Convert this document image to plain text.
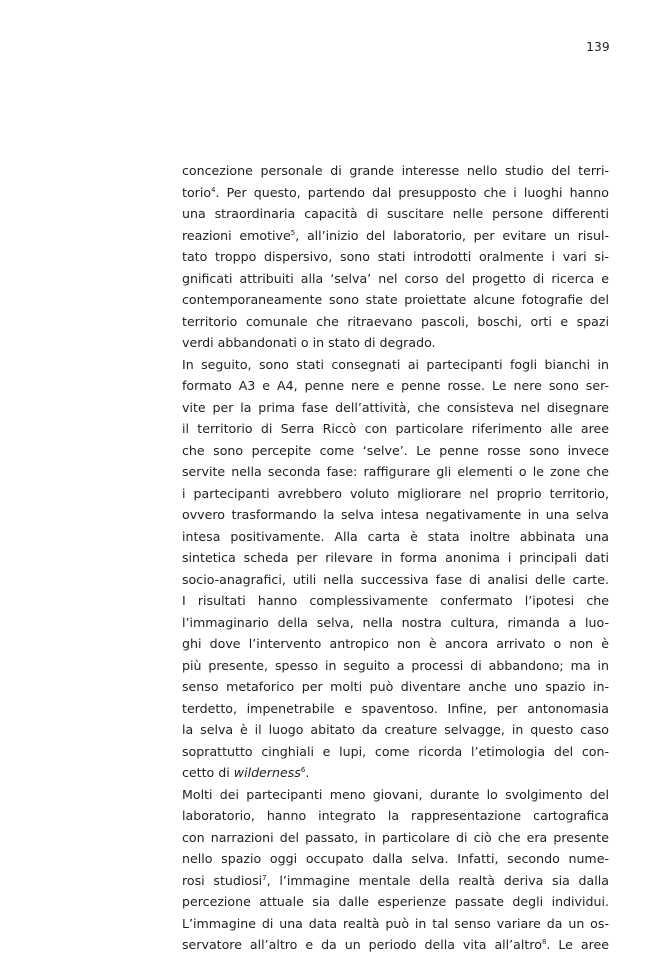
139
concezione personale di grande interesse nello studio del terri-
torio$^4$. Per questo, partendo dal presupposto che i luoghi hanno
una straordinaria capacità di suscitare nelle persone differenti
reazioni emotive$^5$, all’inizio del laboratorio, per evitare un risul-
tato troppo dispersivo, sono stati introdotti oralmente i vari si-
gnificati attribuiti alla ‘selva’ nel corso del progetto di ricerca e
contemporaneamente sono state proiettate alcune fotografie del
territorio comunale che ritraevano pascoli, boschi, orti e spazi
verdi abbandonati o in stato di degrado.
In seguito, sono stati consegnati ai partecipanti fogli bianchi in
formato A3 e A4, penne nere e penne rosse. Le nere sono ser-
vite per la prima fase dell’attività, che consisteva nel disegnare
il territorio di Serra Riccò con particolare riferimento alle aree
che sono percepite come ‘selve’. Le penne rosse sono invece
servite nella seconda fase: raffigurare gli elementi o le zone che
i partecipanti avrebbero voluto migliorare nel proprio territorio,
ovvero trasformando la selva intesa negativamente in una selva
intesa positivamente. Alla carta è stata inoltre abbinata una
sintetica scheda per rilevare in forma anonima i principali dati
socio-anagrafici, utili nella successiva fase di analisi delle carte.
I risultati hanno complessivamente confermato l’ipotesi che
l’immaginario della selva, nella nostra cultura, rimanda a luo-
ghi dove l’intervento antropico non è ancora arrivato o non è
più presente, spesso in seguito a processi di abbandono; ma in
senso metaforico per molti può diventare anche uno spazio in-
terdetto, impenetrabile e spaventoso. Infine, per antonomasia
la selva è il luogo abitato da creature selvagge, in questo caso
soprattutto cinghiali e lupi, come ricorda l’etimologia del con-
cetto di wilderness$^6$.
Molti dei partecipanti meno giovani, durante lo svolgimento del
laboratorio, hanno integrato la rappresentazione cartografica
con narrazioni del passato, in particolare di ciò che era presente
nello spazio oggi occupato dalla selva. Infatti, secondo nume-
rosi studiosi$^7$, l’immagine mentale della realtà deriva sia dalla
percezione attuale sia dalle esperienze passate degli individui.
L’immagine di una data realtà può in tal senso variare da un os-
servatore all’altro e da un periodo della vita all’altro$^8$. Le aree
